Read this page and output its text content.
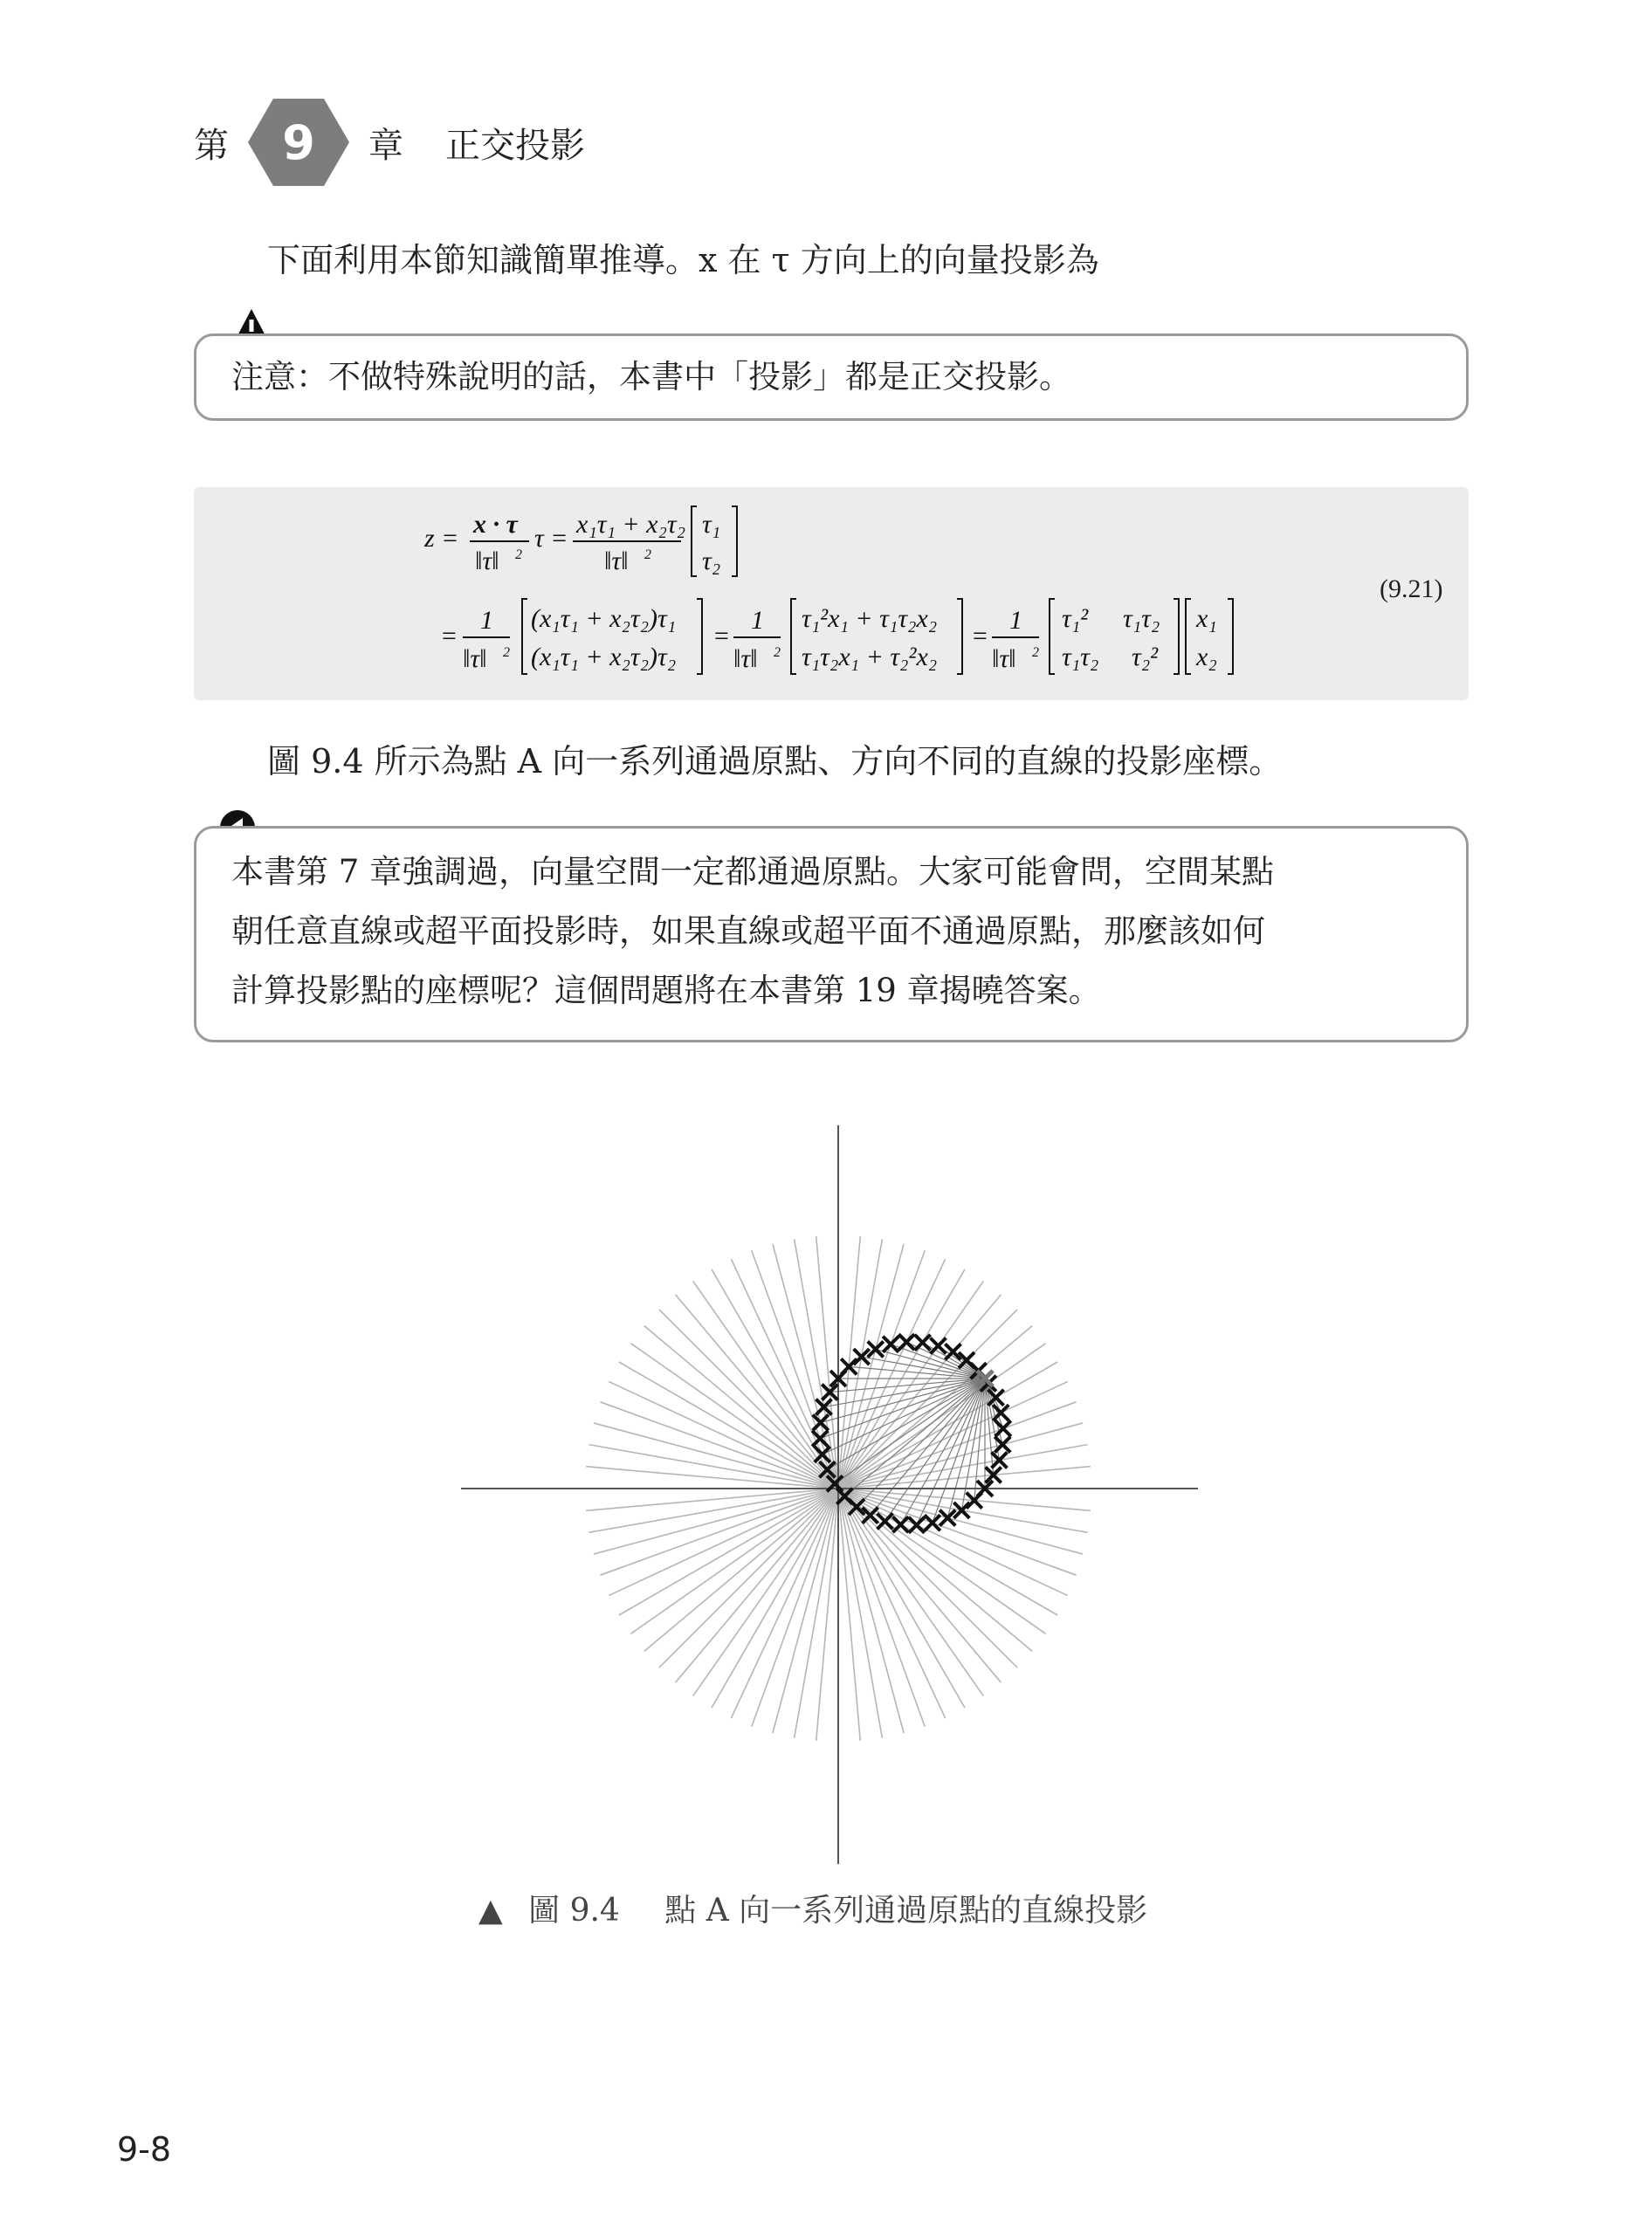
第 9 章 正交投影
下面利用本節知識簡單推導。x 在 τ 方向上的向量投影為
注意：不做特殊說明的話，本書中「投影」都是正交投影。
z = x · τ
‖τ‖ 2
τ = x₁τ₁ + x₂τ₂
‖τ‖ 2
τ₁
τ₂
=
1
‖τ‖ 2
(x₁τ₁ + x₂τ₂)τ₁
(x₁τ₁ + x₂τ₂)τ₂
=
1
‖τ‖ 2
τ₁²x₁ + τ₁τ₂x₂
τ₁τ₂x₁ + τ₂²x₂
=
1
‖τ‖ 2
τ₁² τ₁τ₂
τ₁τ₂ τ₂²
x₁
x₂
(9.21)
圖 9.4 所示為點 A 向一系列通過原點、方向不同的直線的投影座標。
本書第 7 章強調過，向量空間一定都通過原點。大家可能會問，空間某點
朝任意直線或超平面投影時，如果直線或超平面不通過原點，那麼該如何
計算投影點的座標呢？這個問題將在本書第 19 章揭曉答案。
▲ 圖 9.4 點 A 向一系列通過原點的直線投影
9-8
